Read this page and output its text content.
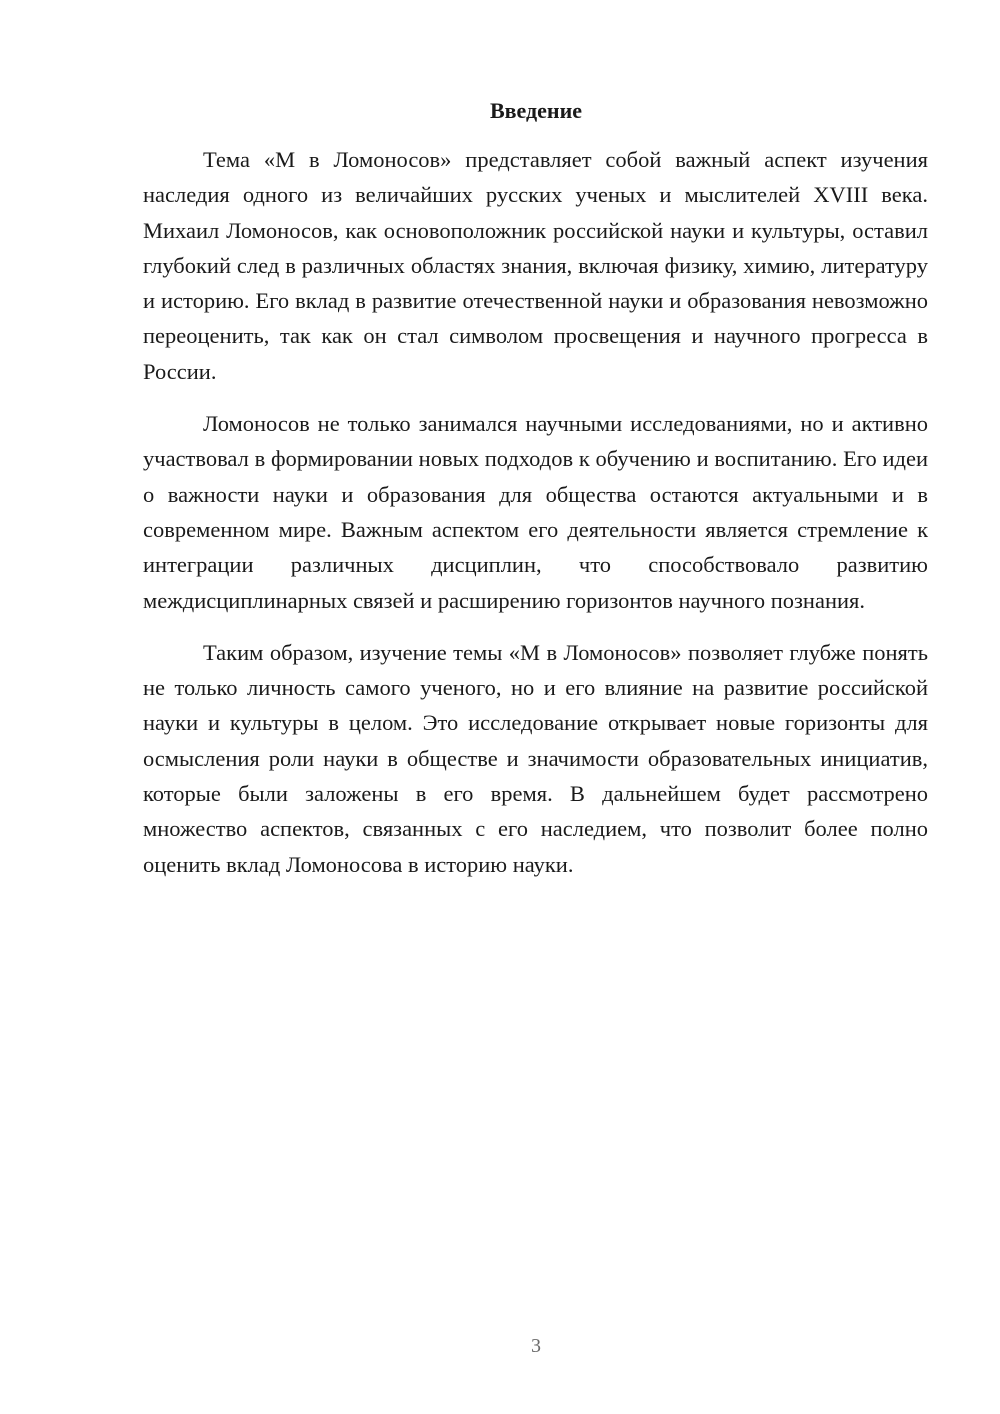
Введение

Тема «М в Ломоносов» представляет собой важный аспект изучения наследия одного из величайших русских ученых и мыслителей XVIII века. Михаил Ломоносов, как основоположник российской науки и культуры, оставил глубокий след в различных областях знания, включая физику, химию, литературу и историю. Его вклад в развитие отечественной науки и образования невозможно переоценить, так как он стал символом просвещения и научного прогресса в России.

Ломоносов не только занимался научными исследованиями, но и активно участвовал в формировании новых подходов к обучению и воспитанию. Его идеи о важности науки и образования для общества остаются актуальными и в современном мире. Важным аспектом его деятельности является стремление к интеграции различных дисциплин, что способствовало развитию междисциплинарных связей и расширению горизонтов научного познания.

Таким образом, изучение темы «М в Ломоносов» позволяет глубже понять не только личность самого ученого, но и его влияние на развитие российской науки и культуры в целом. Это исследование открывает новые горизонты для осмысления роли науки в обществе и значимости образовательных инициатив, которые были заложены в его время. В дальнейшем будет рассмотрено множество аспектов, связанных с его наследием, что позволит более полно оценить вклад Ломоносова в историю науки.

3
